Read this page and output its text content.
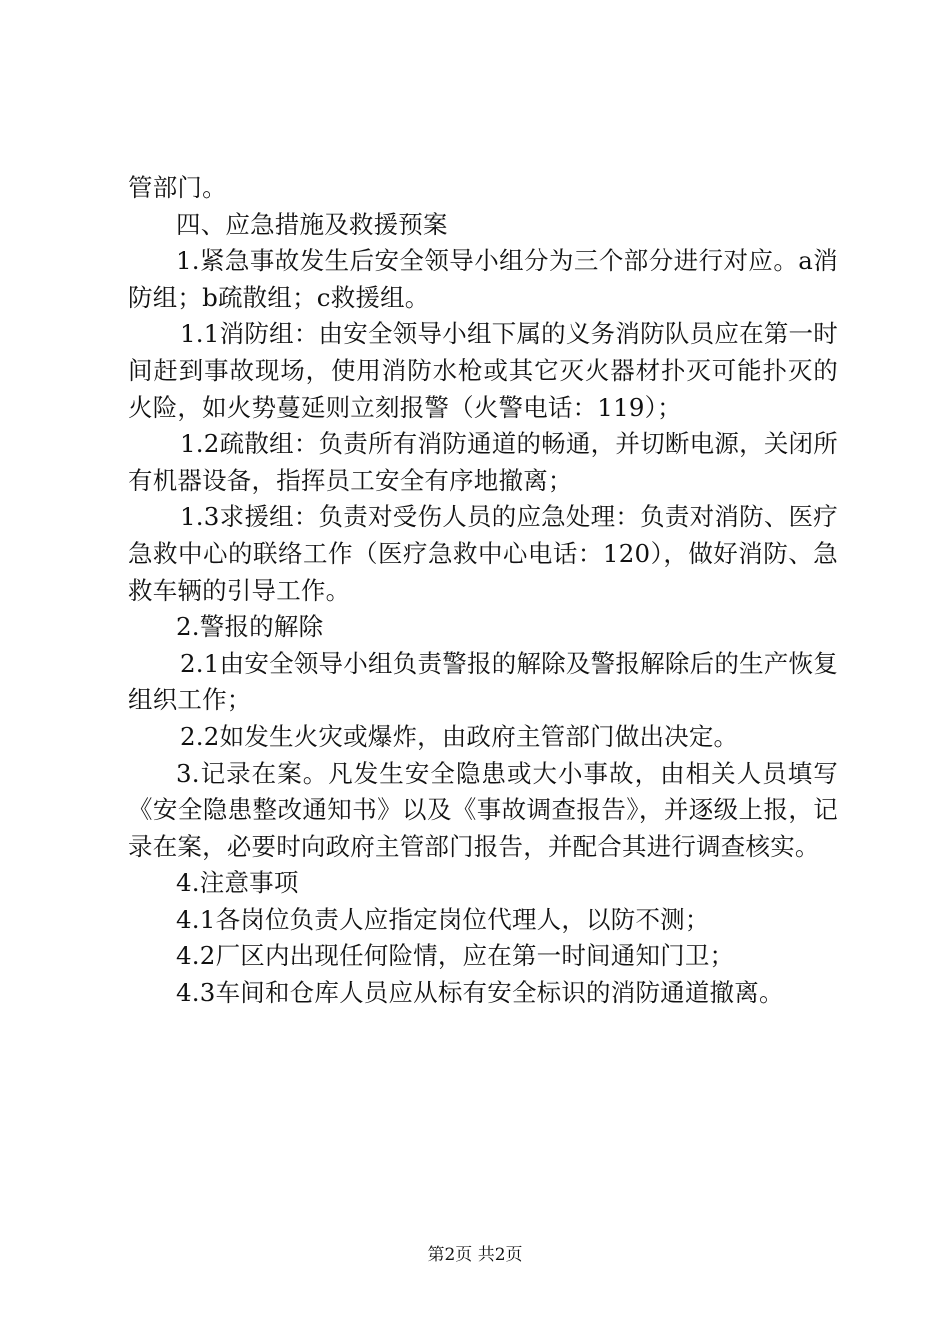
管部门。

四、应急措施及救援预案

1.紧急事故发生后安全领导小组分为三个部分进行对应。a消防组；b疏散组；c救援组。

1.1消防组：由安全领导小组下属的义务消防队员应在第一时间赶到事故现场，使用消防水枪或其它灭火器材扑灭可能扑灭的火险，如火势蔓延则立刻报警（火警电话：119）；

1.2疏散组：负责所有消防通道的畅通，并切断电源，关闭所有机器设备，指挥员工安全有序地撤离；

1.3求援组：负责对受伤人员的应急处理：负责对消防、医疗急救中心的联络工作（医疗急救中心电话：120），做好消防、急救车辆的引导工作。

2.警报的解除

2.1由安全领导小组负责警报的解除及警报解除后的生产恢复组织工作；

2.2如发生火灾或爆炸，由政府主管部门做出决定。

3.记录在案。凡发生安全隐患或大小事故，由相关人员填写《安全隐患整改通知书》以及《事故调查报告》，并逐级上报，记录在案，必要时向政府主管部门报告，并配合其进行调查核实。

4.注意事项

4.1各岗位负责人应指定岗位代理人，以防不测；

4.2厂区内出现任何险情，应在第一时间通知门卫；

4.3车间和仓库人员应从标有安全标识的消防通道撤离。

第2页 共2页
